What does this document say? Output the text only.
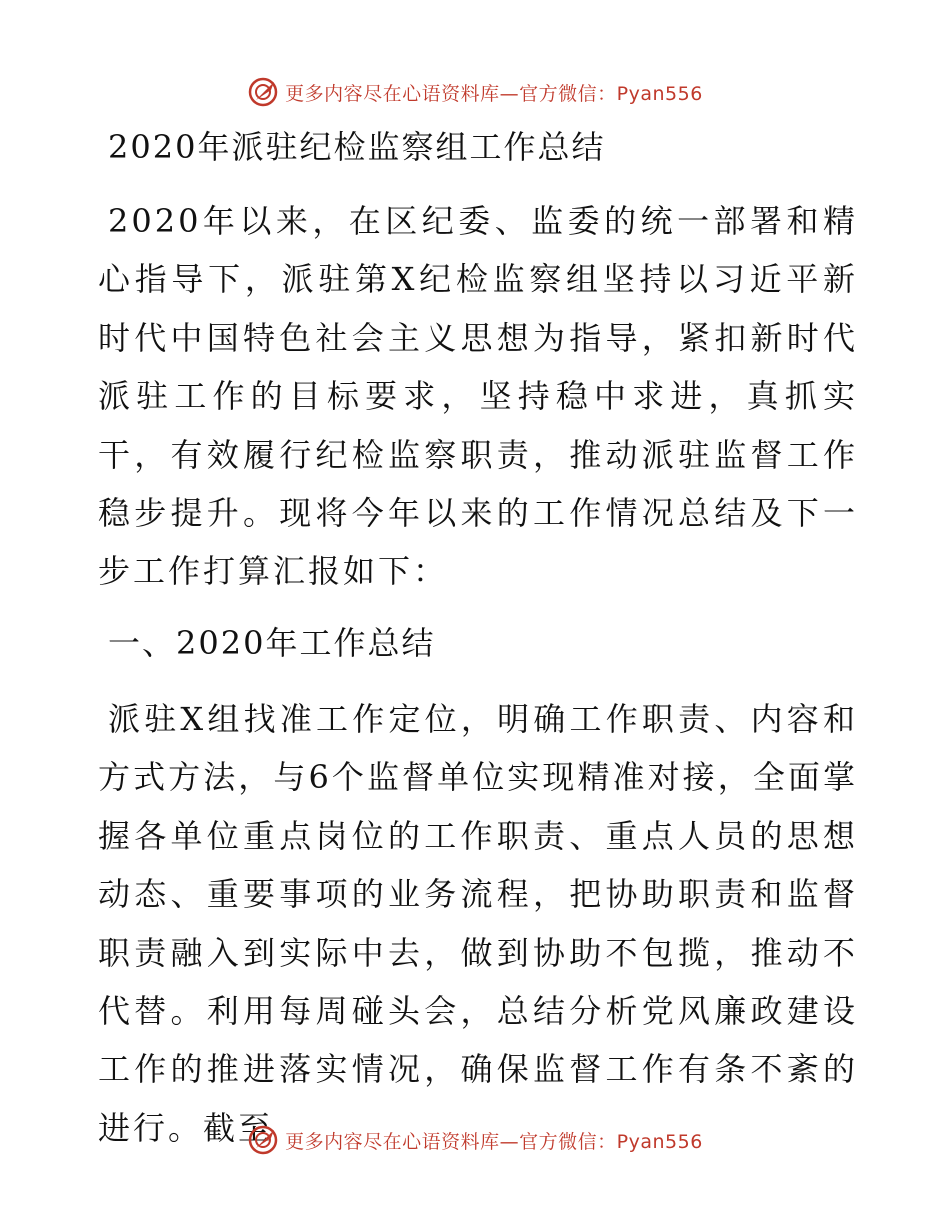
更多内容尽在心语资料库—官方微信：Pyan556
2020年派驻纪检监察组工作总结

2020年以来，在区纪委、监委的统一部署和精心指导下，派驻第X纪检监察组坚持以习近平新时代中国特色社会主义思想为指导，紧扣新时代派驻工作的目标要求，坚持稳中求进，真抓实干，有效履行纪检监察职责，推动派驻监督工作稳步提升。现将今年以来的工作情况总结及下一步工作打算汇报如下：

一、2020年工作总结

派驻X组找准工作定位，明确工作职责、内容和方式方法，与6个监督单位实现精准对接，全面掌握各单位重点岗位的工作职责、重点人员的思想动态、重要事项的业务流程，把协助职责和监督职责融入到实际中去，做到协助不包揽，推动不代替。利用每周碰头会，总结分析党风廉政建设工作的推进落实情况，确保监督工作有条不紊的进行。截至 更多内容尽在心语资料库—官方微信：Pyan556
